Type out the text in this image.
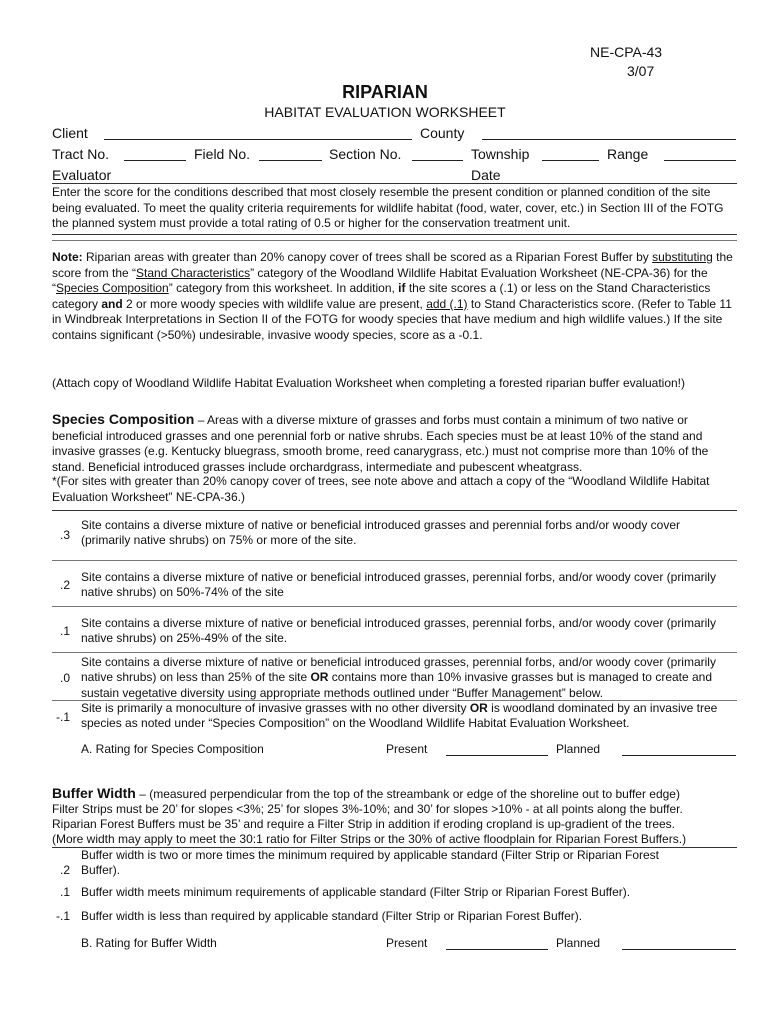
NE-CPA-43
3/07
RIPARIAN
HABITAT EVALUATION WORKSHEET
Client	County
Tract No.	Field No.	Section No.	Township	Range
Evaluator	Date
Enter the score for the conditions described that most closely resemble the present condition or planned condition of the site being evaluated. To meet the quality criteria requirements for wildlife habitat (food, water, cover, etc.) in Section III of the FOTG the planned system must provide a total rating of 0.5 or higher for the conservation treatment unit.
Note: Riparian areas with greater than 20% canopy cover of trees shall be scored as a Riparian Forest Buffer by substituting the score from the “Stand Characteristics” category of the Woodland Wildlife Habitat Evaluation Worksheet (NE-CPA-36) for the “Species Composition” category from this worksheet. In addition, if the site scores a (.1) or less on the Stand Characteristics category and 2 or more woody species with wildlife value are present, add (.1) to Stand Characteristics score. (Refer to Table 11 in Windbreak Interpretations in Section II of the FOTG for woody species that have medium and high wildlife values.) If the site contains significant (>50%) undesirable, invasive woody species, score as a -0.1.
(Attach copy of Woodland Wildlife Habitat Evaluation Worksheet when completing a forested riparian buffer evaluation!)
Species Composition – Areas with a diverse mixture of grasses and forbs must contain a minimum of two native or beneficial introduced grasses and one perennial forb or native shrubs. Each species must be at least 10% of the stand and invasive grasses (e.g. Kentucky bluegrass, smooth brome, reed canarygrass, etc.) must not comprise more than 10% of the stand. Beneficial introduced grasses include orchardgrass, intermediate and pubescent wheatgrass.
*(For sites with greater than 20% canopy cover of trees, see note above and attach a copy of the “Woodland Wildlife Habitat Evaluation Worksheet” NE-CPA-36.)
.3
Site contains a diverse mixture of native or beneficial introduced grasses and perennial forbs and/or woody cover (primarily native shrubs) on 75% or more of the site.
.2
Site contains a diverse mixture of native or beneficial introduced grasses, perennial forbs, and/or woody cover (primarily native shrubs) on 50%-74% of the site
.1
Site contains a diverse mixture of native or beneficial introduced grasses, perennial forbs, and/or woody cover (primarily native shrubs) on 25%-49% of the site.
.0
Site contains a diverse mixture of native or beneficial introduced grasses, perennial forbs, and/or woody cover (primarily native shrubs) on less than 25% of the site OR contains more than 10% invasive grasses but is managed to create and sustain vegetative diversity using appropriate methods outlined under “Buffer Management” below.
-.1
Site is primarily a monoculture of invasive grasses with no other diversity OR is woodland dominated by an invasive tree species as noted under “Species Composition” on the Woodland Wildlife Habitat Evaluation Worksheet.
A. Rating for Species Composition	Present	Planned
Buffer Width – (measured perpendicular from the top of the streambank or edge of the shoreline out to buffer edge)
Filter Strips must be 20’ for slopes <3%; 25’ for slopes 3%-10%; and 30’ for slopes >10% - at all points along the buffer.
Riparian Forest Buffers must be 35’ and require a Filter Strip in addition if eroding cropland is up-gradient of the trees.
(More width may apply to meet the 30:1 ratio for Filter Strips or the 30% of active floodplain for Riparian Forest Buffers.)
.2
Buffer width is two or more times the minimum required by applicable standard (Filter Strip or Riparian Forest Buffer).
.1 Buffer width meets minimum requirements of applicable standard (Filter Strip or Riparian Forest Buffer).
-.1 Buffer width is less than required by applicable standard (Filter Strip or Riparian Forest Buffer).
B. Rating for Buffer Width	Present	Planned
